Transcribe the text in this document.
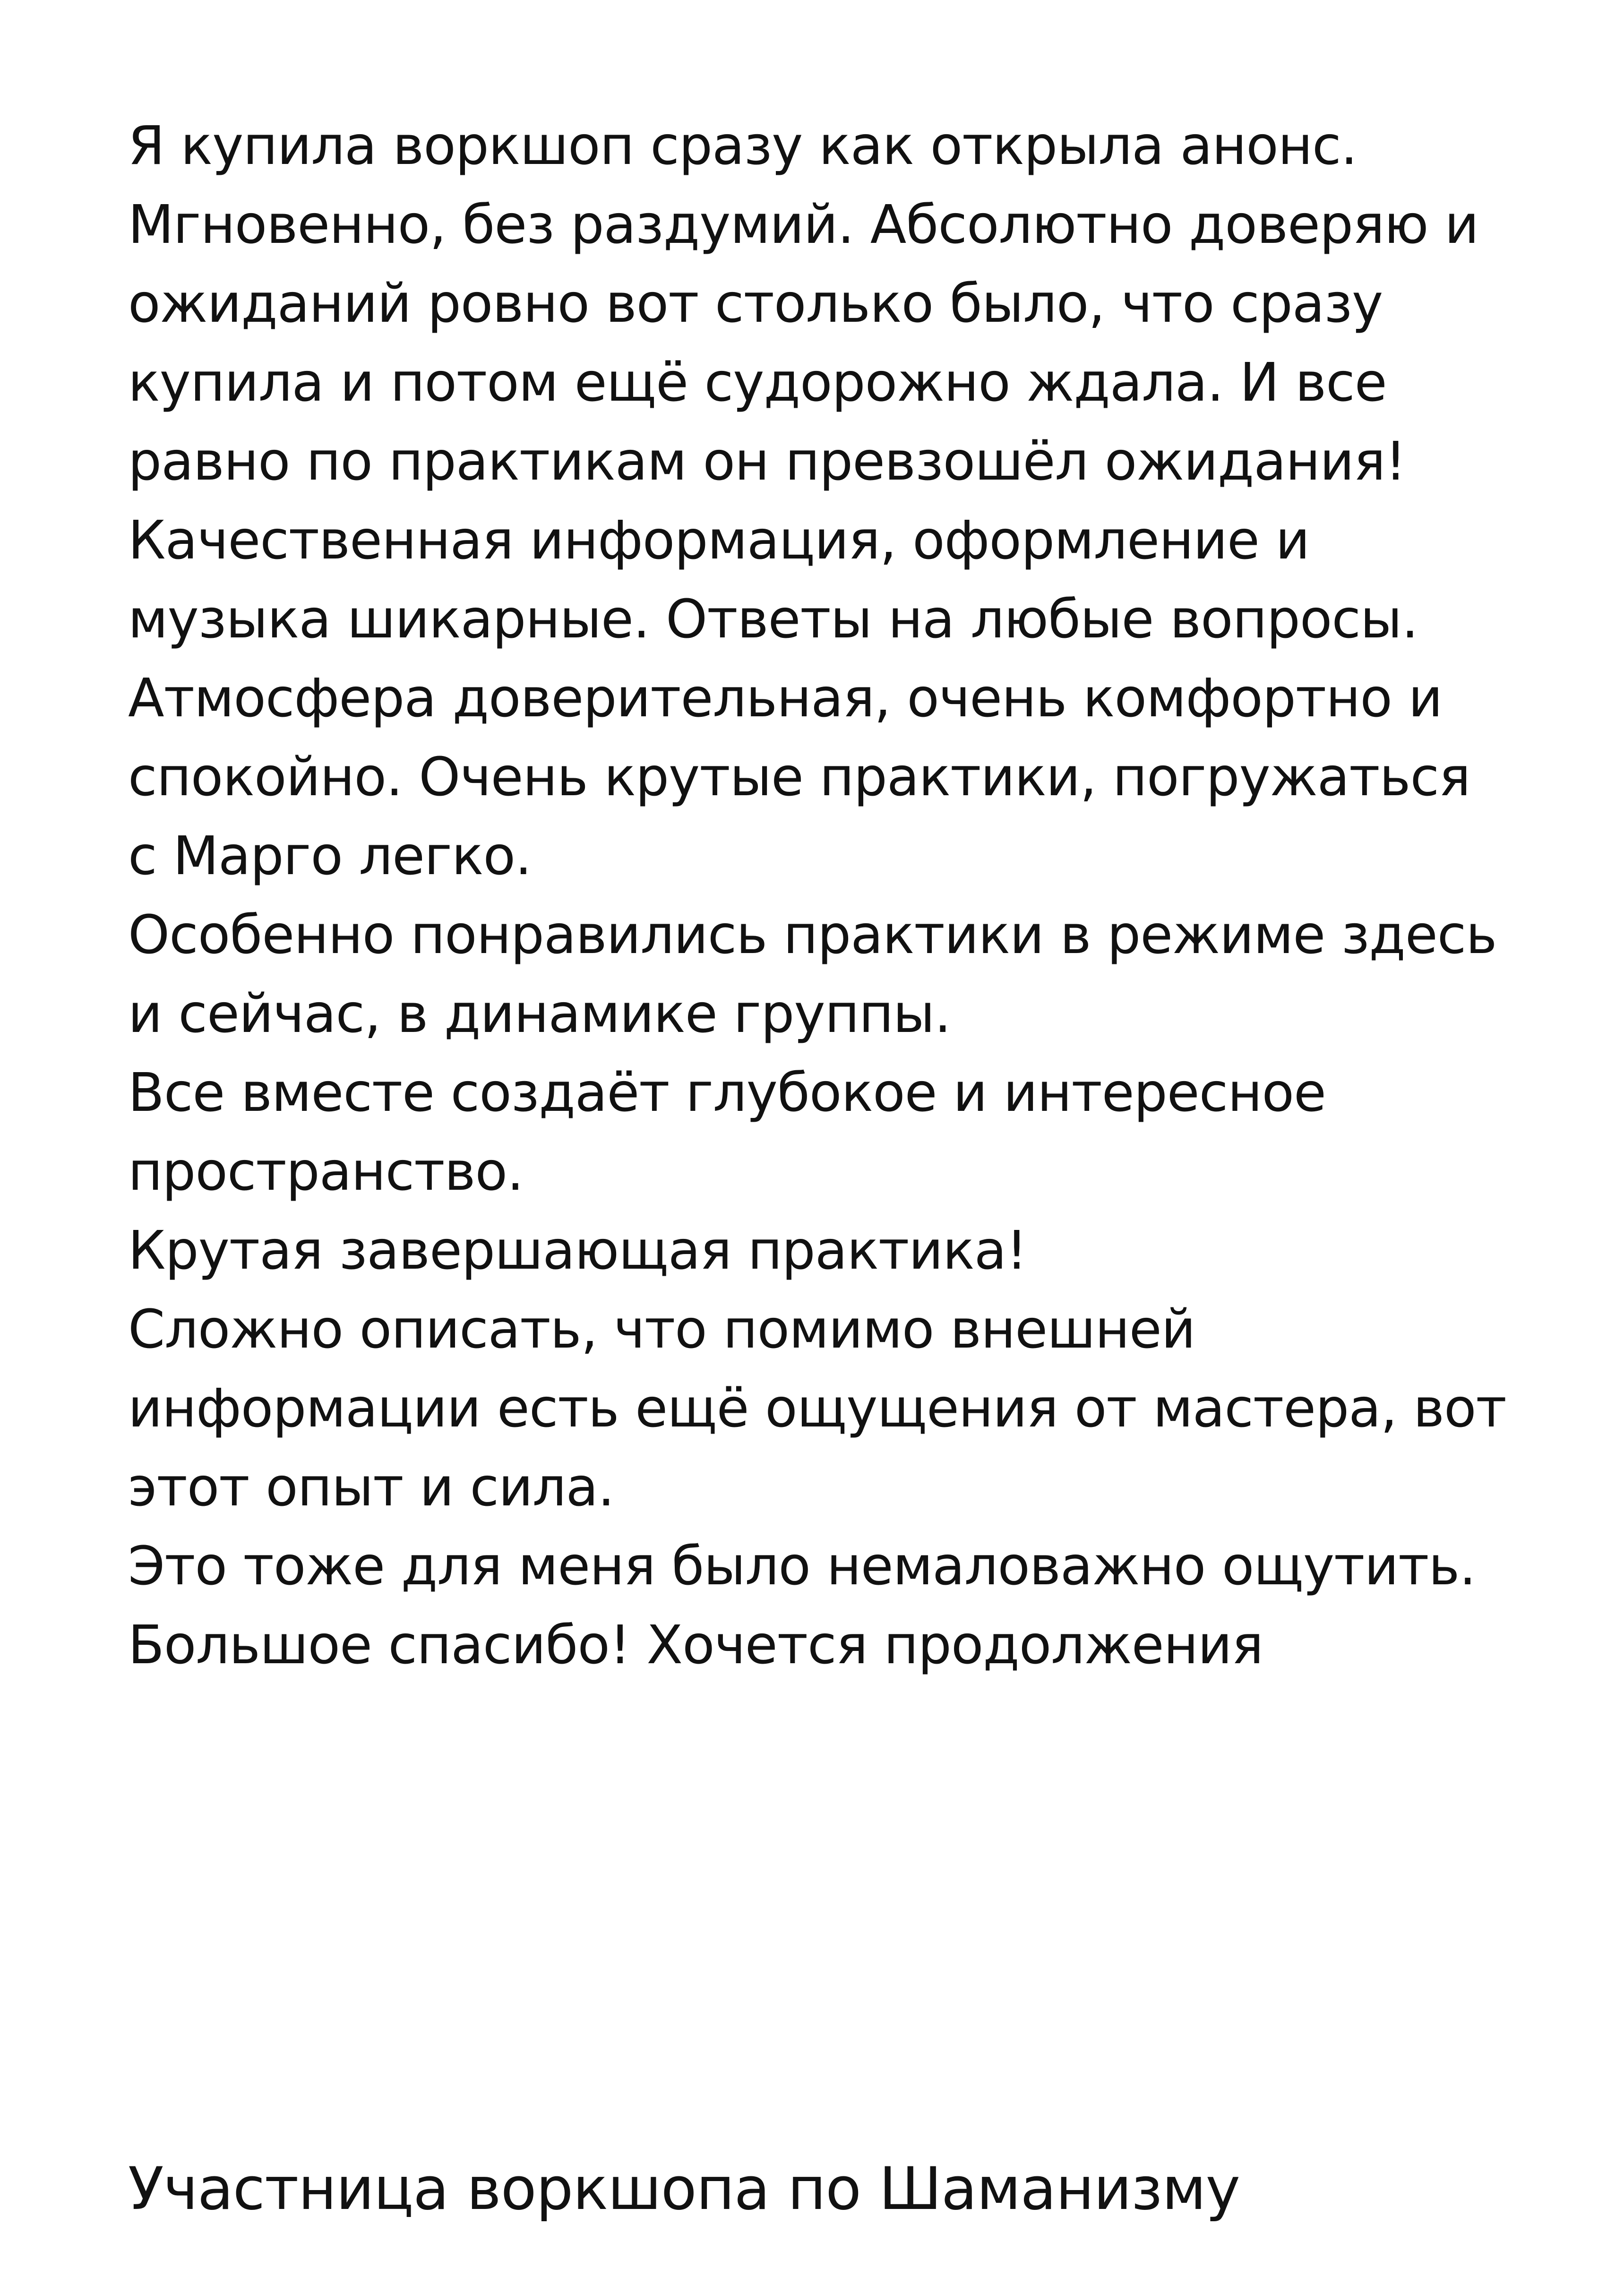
Я купила воркшоп сразу как открыла анонс.
Мгновенно, без раздумий. Абсолютно доверяю и
ожиданий ровно вот столько было, что сразу
купила и потом ещё судорожно ждала. И все
равно по практикам он превзошёл ожидания!
Качественная информация, оформление и
музыка шикарные. Ответы на любые вопросы.
Атмосфера доверительная, очень комфортно и
спокойно. Очень крутые практики, погружаться
с Марго легко.
Особенно понравились практики в режиме здесь
и сейчас, в динамике группы.
Все вместе создаёт глубокое и интересное
пространство.
Крутая завершающая практика!
Сложно описать, что помимо внешней
информации есть ещё ощущения от мастера, вот
этот опыт и сила.
Это тоже для меня было немаловажно ощутить.
Большое спасибо! Хочется продолжения
Участница воркшопа по Шаманизму
